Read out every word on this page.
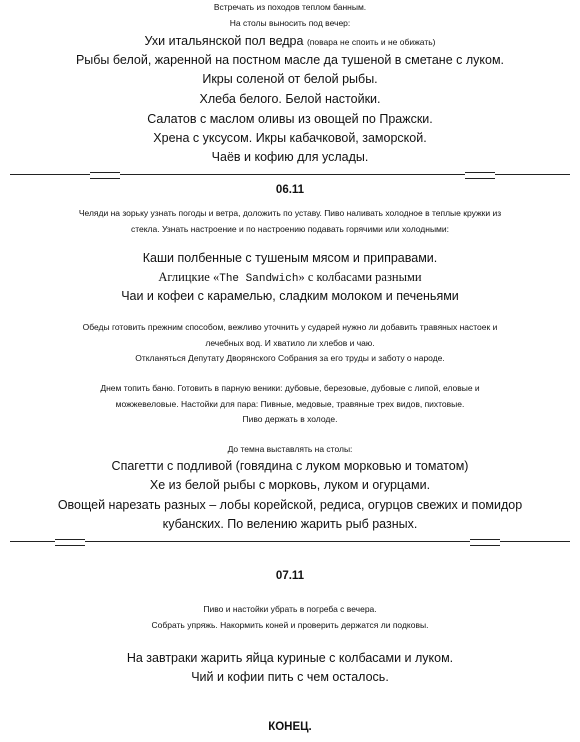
Встречать из походов теплом банным.
На столы выносить под вечер:
Ухи итальянской пол ведра (повара не споить и не обижать)
Рыбы белой, жаренной на постном масле да тушеной в сметане с луком.
Икры соленой от белой рыбы.
Хлеба белого. Белой настойки.
Салатов с маслом оливы из овощей по Пражски.
Хрена с уксусом. Икры кабачковой, заморской.
Чаёв и кофию для услады.
06.11
Челяди на зорьку узнать погоды и ветра, доложить по уставу. Пиво наливать холодное в теплые кружки из
стекла. Узнать настроение и по настроению подавать горячими или холодными:
Каши полбенные с тушеным мясом и приправами.
Аглицкие «The Sandwich» с колбасами разными
Чаи и кофеи с карамелью, сладким молоком и печеньями
Обеды готовить прежним способом, вежливо уточнить у сударей нужно ли добавить травяных настоек и
лечебных вод. И хватило ли хлебов и чаю.
Откланяться Депутату Дворянского Собрания за его труды и заботу о народе.
Днем топить баню. Готовить в парную веники: дубовые, березовые, дубовые с липой, еловые и
можжевеловые. Настойки для пара: Пивные, медовые, травяные трех видов, пихтовые.
Пиво держать в холоде.
До темна выставлять на столы:
Спагетти с подливой (говядина с луком морковью и томатом)
Хе из белой рыбы с морковь, луком и огурцами.
Овощей нарезать разных – лобы корейской, редиса, огурцов свежих и помидор
кубанских. По велению жарить рыб разных.
07.11
Пиво и настойки убрать в погреба с вечера.
Собрать упряжь. Накормить коней и проверить держатся ли подковы.
На завтраки жарить яйца куриные с колбасами и луком.
Чий и кофии пить с чем осталось.
КОНЕЦ.
